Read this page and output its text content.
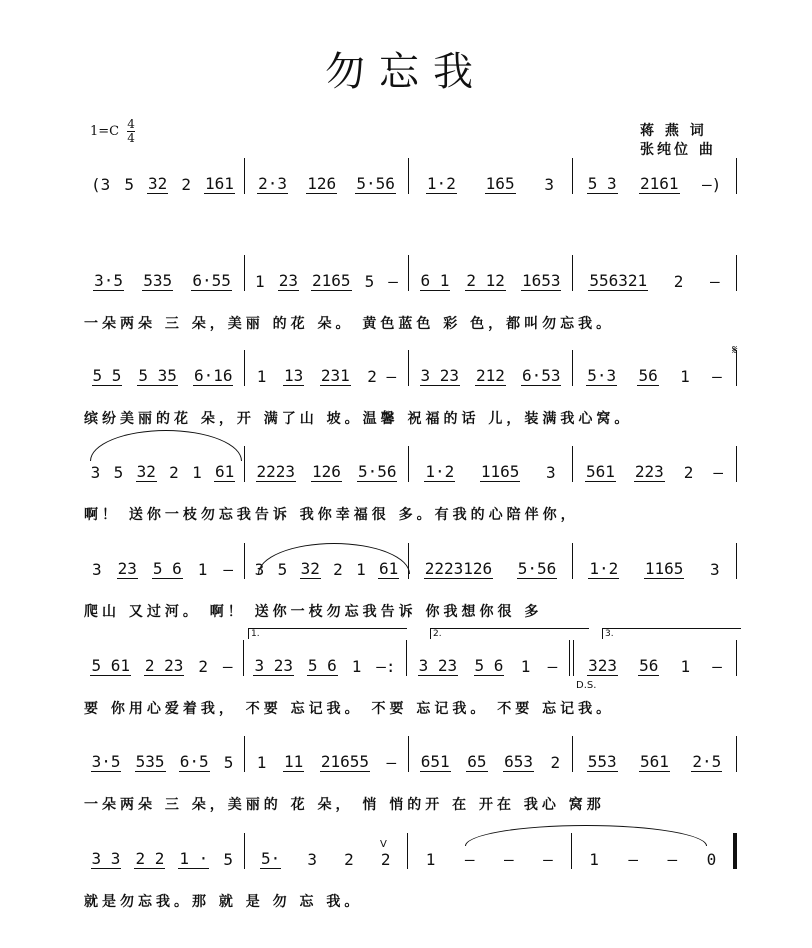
勿忘我
$1=C \frac{4}{4}$	蒋 燕 词
张纯位 曲
(3 5 32 2 161 2·3 126 5·56 1·2 165 3 5 3 2161 –)
3·5 535 6·55 1 23 2165 5 – 6 1 2 12 1653 556321 2 –
一朵两朵 三 朵，美丽 的花 朵。 黄色蓝色 彩 色，都叫勿忘我。
5 5 5 35 6·16 1 13 231 2 – 3 23 212 6·53 5·3 56 1 –
缤纷美丽的花 朵，开 满了山 坡。温馨 祝福的话 儿，装满我心窝。
3 5 32 2 1 61 2223 126 5·56 1·2 1165 3 561 223 2 –
啊！ 送你一枝勿忘我告诉 我你幸福很 多。有我的心陪伴你，
3 23 5 6 1 – 3 5 32 2 1 61 2223126 5·56 1·2 1165 3
爬山 又过河。 啊！ 送你一枝勿忘我告诉 你我想你很 多
5 61 2 23 2 – 3 23 5 6 1 –: 3 23 5 6 1 – 323 56 1 –
要 你用心爱着我， 不要 忘记我。 不要 忘记我。 不要 忘记我。
1.	2.	3.
D.S.
3·5 535 6·5 5 1 11 21655 – 651 65 653 2 553 561 2·5
一朵两朵 三 朵，美丽的 花 朵， 悄 悄的开 在 开在 我心 窝那
3 3 2 2 1 · 5 5· 3 2 2 1 – – – 1 – – 0
就是勿忘我。那 就 是 勿 忘 我。
𝄋
V
